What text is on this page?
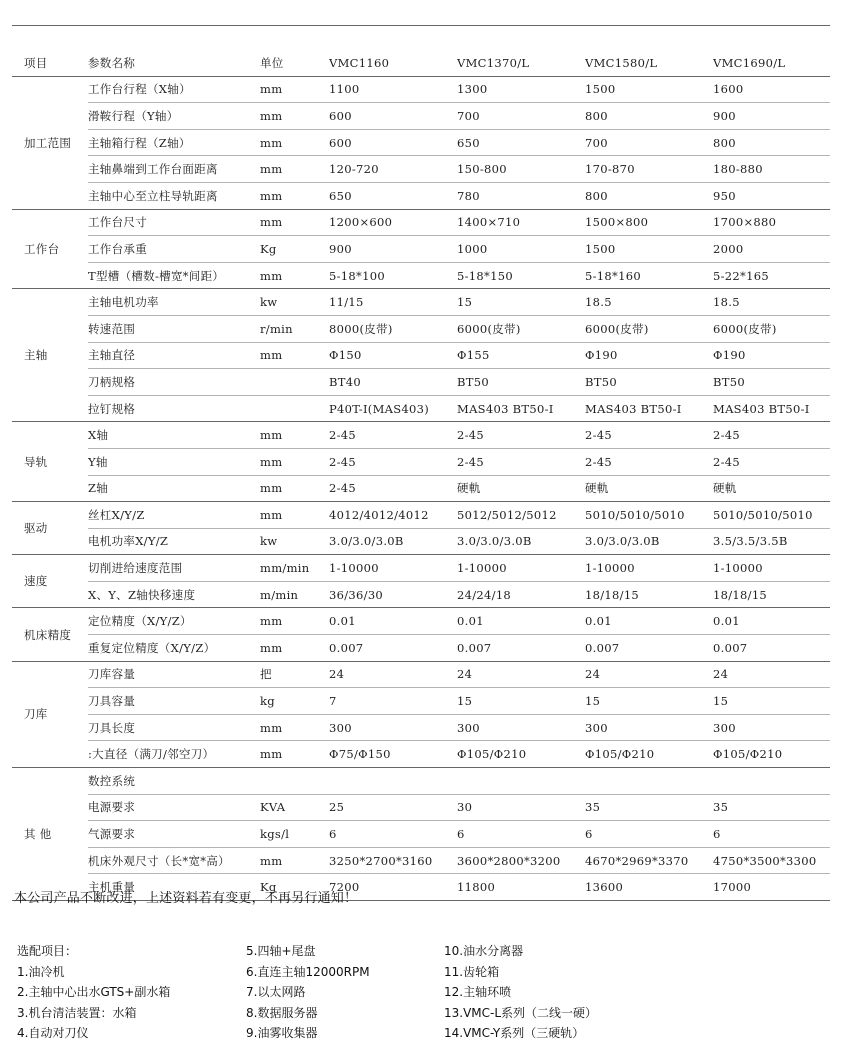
项目	参数名称	单位	VMC1160	VMC1370/L	VMC1580/L	VMC1690/L
加工范围	工作台行程（X轴）	mm	1100	1300	1500	1600
	滑鞍行程（Y轴）	mm	600	700	800	900
	主轴箱行程（Z轴）	mm	600	650	700	800
	主轴鼻端到工作台面距离	mm	120-720	150-800	170-870	180-880
	主轴中心至立柱导轨距离	mm	650	780	800	950
工作台	工作台尺寸	mm	1200×600	1400×710	1500×800	1700×880
	工作台承重	Kg	900	1000	1500	2000
	T型槽（槽数-槽宽*间距）	mm	5-18*100	5-18*150	5-18*160	5-22*165
主轴	主轴电机功率	kw	11/15	15	18.5	18.5
	转速范围	r/min	8000(皮带)	6000(皮带)	6000(皮带)	6000(皮带)
	主轴直径	mm	Φ150	Φ155	Φ190	Φ190
	刀柄规格		BT40	BT50	BT50	BT50
	拉钉规格		P40T-I(MAS403)	MAS403 BT50-I	MAS403 BT50-I	MAS403 BT50-I
导轨	X轴	mm	2-45	2-45	2-45	2-45
	Y轴	mm	2-45	2-45	2-45	2-45
	Z轴	mm	2-45	硬軌	硬軌	硬軌
驱动	丝杠X/Y/Z	mm	4012/4012/4012	5012/5012/5012	5010/5010/5010	5010/5010/5010
	电机功率X/Y/Z	kw	3.0/3.0/3.0B	3.0/3.0/3.0B	3.0/3.0/3.0B	3.5/3.5/3.5B
速度	切削进给速度范围	mm/min	1-10000	1-10000	1-10000	1-10000
	X、Y、Z轴快移速度	m/min	36/36/30	24/24/18	18/18/15	18/18/15
机床精度	定位精度（X/Y/Z）	mm	0.01	0.01	0.01	0.01
	重复定位精度（X/Y/Z）	mm	0.007	0.007	0.007	0.007
刀库	刀库容量	把	24	24	24	24
	刀具容量	kg	7	15	15	15
	刀具长度	mm	300	300	300	300
	:大直径（满刀/邻空刀）	mm	Φ75/Φ150	Φ105/Φ210	Φ105/Φ210	Φ105/Φ210
其 他	数控系统					
	电源要求	KVA	25	30	35	35
	气源要求	kgs/l	6	6	6	6
	机床外观尺寸（长*宽*高）	mm	3250*2700*3160	3600*2800*3200	4670*2969*3370	4750*3500*3300
	主机重量	Kg	7200	11800	13600	17000
本公司产品不断改进，上述资料若有变更，不再另行通知！
选配项目：
1.油冷机
2.主轴中心出水GTS+副水箱
3.机台清洁装置：水箱
4.自动对刀仪
5.四轴+尾盘
6.直连主轴12000RPM
7.以太网路
8.数据服务器
9.油雾收集器
10.油水分离器
11.齿轮箱
12.主轴环喷
13.VMC-L系列（二线一硬）
14.VMC-Y系列（三硬轨）
